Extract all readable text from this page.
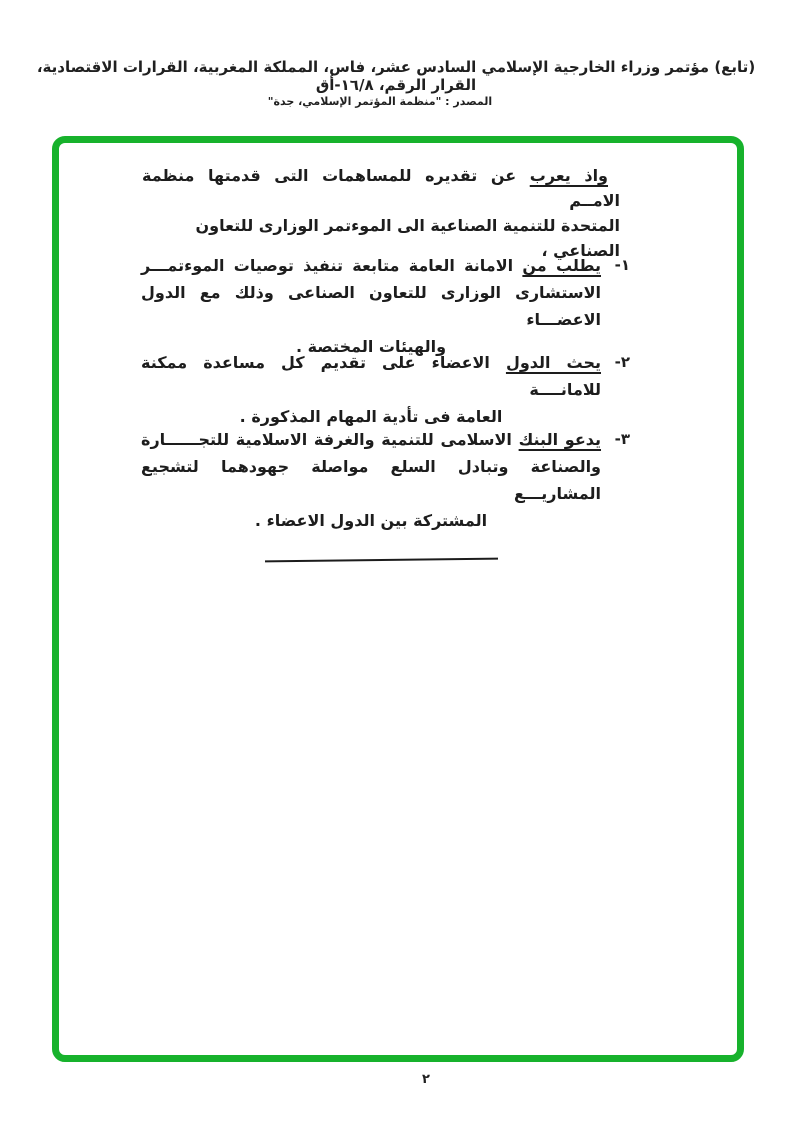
(تابع) مؤتمر وزراء الخارجية الإسلامي السادس عشر، فاس، المملكة المغربية، القرارات الاقتصادية، القرار الرقم، ١٦/٨-أق
المصدر : "منظمة المؤتمر الإسلامي، جدة"
واذ يعرب عن تقديره للمساهمات التى قدمتها منظمة الامــم
المتحدة للتنمية الصناعية الى الموءتمر الوزارى للتعاون الصناعي ،
١-
يطلب من الامانة العامة متابعة تنفيذ توصيات الموءتمـــر
الاستشارى الوزارى للتعاون الصناعى وذلك مع الدول الاعضـــاء
والهيئات المختصة .
٢-
يحث الدول الاعضاء على تقديم كل مساعدة ممكنة للامانــــة
العامة فى تأدية المهام المذكورة .
٣-
يدعو البنك الاسلامى للتنمية والغرفة الاسلامية للتجــــــارة
والصناعة وتبادل السلع مواصلة جهودهما لتشجيع المشاريـــع
المشتركة بين الدول الاعضاء .
٢
